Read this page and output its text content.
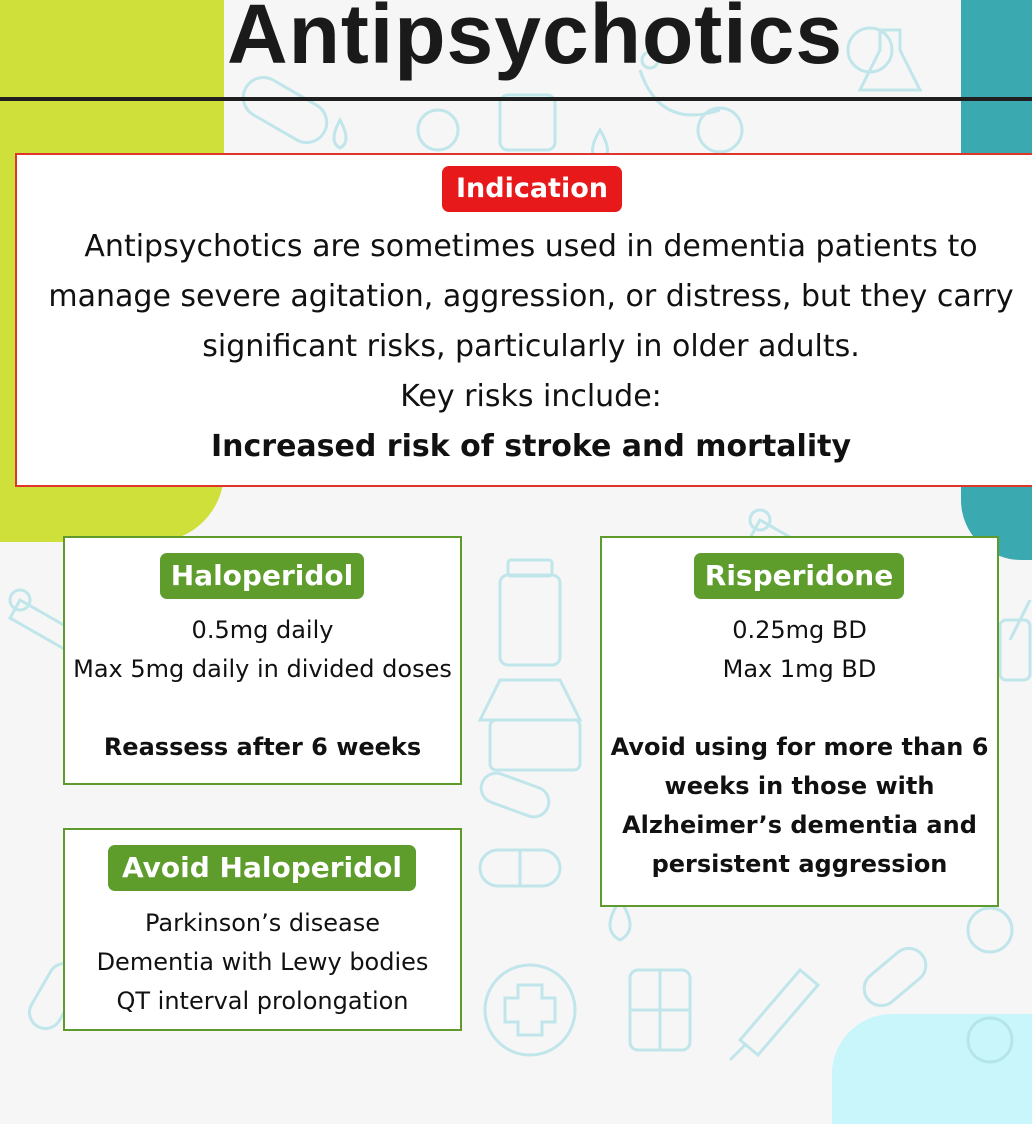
Antipsychotics
Indication

Antipsychotics are sometimes used in dementia patients to

manage severe agitation, aggression, or distress, but they carry

significant risks, particularly in older adults.

Key risks include:

Increased risk of stroke and mortality

0.5mg daily
Max 5mg daily in divided doses
Reassess after 6 weeks
Haloperidol
0.25mg BD
Max 1mg BD
Avoid using for more than 6
weeks in those with
Alzheimer’s dementia and
persistent aggression
Risperidone
Parkinson’s disease
Dementia with Lewy bodies
QT interval prolongation
Avoid Haloperidol
